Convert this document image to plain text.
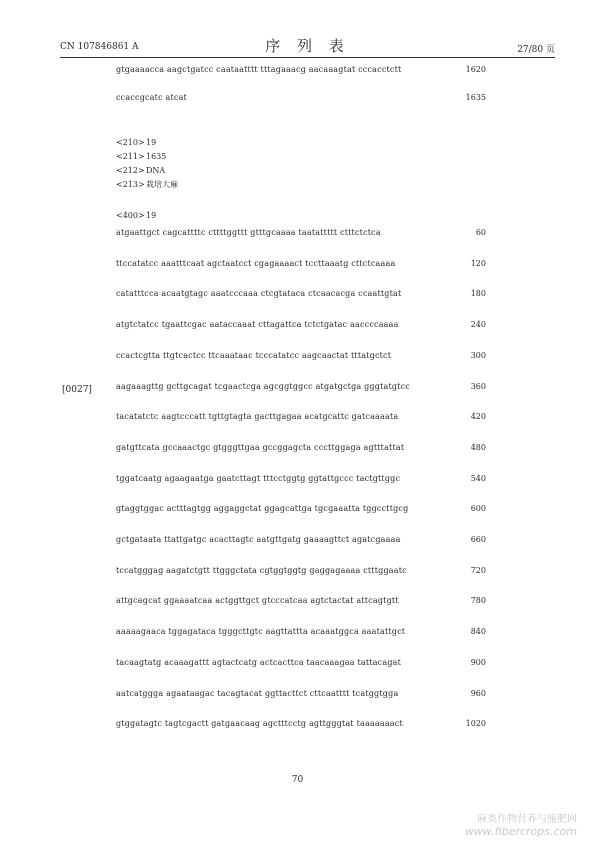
CN 107846861 A	序 列 表	27/80 页
gtgaaaacca aagctgatcc caataatttt tttagaaacg aacaaagtat cccacctctt	1620
ccaccgcatc atcat	1635
<210>19
<211>1635
<212>DNA
<213>栽培大麻
<400>19
[0027]
atgaattgct cagcattttc cttttggttt gtttgcaaaa taatattttt ctttctctca	60
ttccatatcc aaatttcaat agctaatcct cgagaaaact tccttaaatg cttctcaaaa	120
catatttcca acaatgtagc aaatcccaaa ctcgtataca ctcaacacga ccaattgtat	180
atgtctatcc tgaattcgac aataccaaat cttagattca tctctgatac aaccccaaaa	240
ccactcgtta ttgtcactcc ttcaaataac tcccatatcc aagcaactat tttatgctct	300
aagaaagttg gcttgcagat tcgaactcga agcggtggcc atgatgctga gggtatgtcc	360
tacatatctc aagtcccatt tgttgtagta gacttgagaa acatgcattc gatcaaaata	420
gatgttcata gccaaactgc gtgggttgaa gccggagcta cccttggaga agtttattat	480
tggatcaatg agaagaatga gaatcttagt tttcctggtg ggtattgccc tactgttggc	540
gtaggtggac actttagtgg aggaggctat ggagcattga tgcgaaatta tggccttgcg	600
gctgataata ttattgatgc acacttagtc aatgttgatg gaaaagttct agatcgaaaa	660
tccatgggag aagatctgtt ttgggctata cgtggtggtg gaggagaaaa ctttggaatc	720
attgcagcat ggaaaatcaa actggttgct gtcccatcaa agtctactat attcagtgtt	780
aaaaagaaca tggagataca tgggcttgtc aagttattta acaaatggca aaatattgct	840
tacaagtatg acaaagattt agtactcatg actcacttca taacaaagaa tattacagat	900
aatcatggga agaataagac tacagtacat ggttacttct cttcaatttt tcatggtgga	960
gtggatagtc tagtcgactt gatgaacaag agctttcctg agttgggtat taaaaaaact	1020
70
麻类作物营养与施肥网
www.fibercrops.com
